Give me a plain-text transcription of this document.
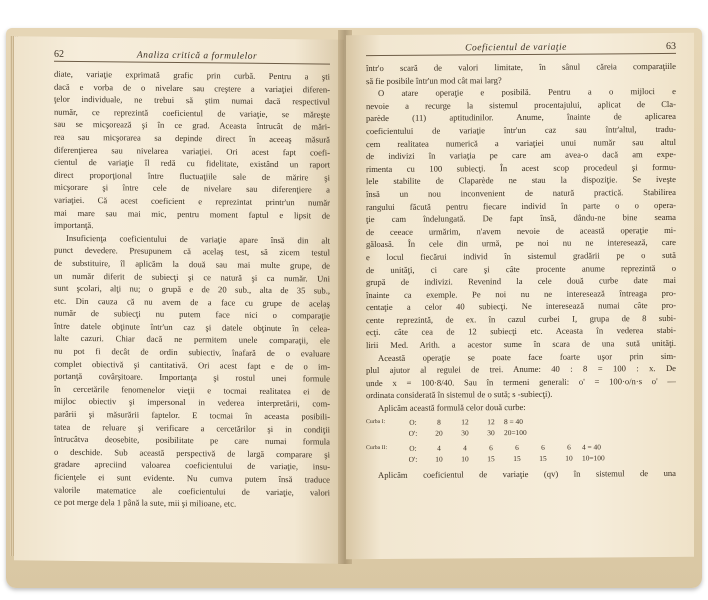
62	Analiza critică a formulelor
diate, variaţie exprimată grafic prin curbă. Pentru a şti
dacă e vorba de o nivelare sau creştere a variaţiei diferen-
ţelor individuale, ne trebui să ştim numai dacă respectivul
număr, ce reprezintă coeficientul de variaţie, se măreşte
sau se micşorează şi în ce grad. Aceasta întrucât de mări-
rea sau micşorarea sa depinde direct în aceeaş măsură
diferenţierea sau nivelarea variaţiei. Ori acest fapt coefi-
cientul de variaţie îl redă cu fidelitate, existând un raport
direct proporţional între fluctuaţiile sale de mărire şi
micşorare şi între cele de nivelare sau diferenţiere a
variaţiei. Că acest coeficient e reprezintat printr'un număr
mai mare sau mai mic, pentru moment faptul e lipsit de
importanţă.
Insuficienţa coeficientului de variaţie apare însă din alt
punct devedere. Presupunem că acelaş test, să zicem testul
de substituire, îl aplicăm la două sau mai multe grupe, de
un număr diferit de subiecţi şi ce natură şi ca număr. Uni
sunt şcolari, alţi nu; o grupă e de 20 sub., alta de 35 sub.,
etc. Din cauza că nu avem de a face cu grupe de acelaş
număr de subiecţi nu putem face nici o comparaţie
între datele obţinute într'un caz şi datele obţinute în celea-
lalte cazuri. Chiar dacă ne permitem unele comparaţii, ele
nu pot fi decât de ordin subiectiv, înafară de o evaluare
complet obiectivă şi cantitativă. Ori acest fapt e de o im-
portanţă covârşitoare. Importanţa şi rostul unei formule
în cercetările fenomenelor vieţii e tocmai realitatea ei de
mijloc obiectiv şi impersonal in vederea interpretării, com-
parării şi măsurării faptelor. E tocmai în aceasta posibili-
tatea de reluare şi verificare a cercetărilor şi in condiţii
întrucâtva deosebite, posibilitate pe care numai formula
o deschide. Sub această perspectivă de largă comparare şi
gradare apreciind valoarea coeficientului de variaţie, insu-
ficienţele ei sunt evidente. Nu cumva putem însă traduce
valorile matematice ale coeficientului de variaţie, valori
ce pot merge dela 1 până la sute, mii şi milioane, etc.
Coeficientul de variaţie	63
într'o scară de valori limitate, în sânul căreia comparaţiile
să fie posibile într'un mod cât mai larg?
O atare operaţie e posibilă. Pentru a o mijloci e
nevoie a recurge la sistemul procentajului, aplicat de Cla-
parède (11) aptitudinilor. Anume, înainte de aplicarea
coeficientului de variaţie într'un caz sau într'altul, tradu-
cem realitatea numerică a variaţiei unui număr sau altul
de indivizi în variaţia pe care am avea-o dacă am expe-
rimenta cu 100 subiecţi. În acest scop procedeul şi formu-
lele stabilite de Claparède ne stau la dispoziţie. Se iveşte
însă un nou inconvenient de natură practică. Stabilirea
rangului făcută pentru fiecare individ în parte o o opera-
ţie cam îndelungată. De fapt însă, dându-ne bine seama
de ceeace urmărim, n'avem nevoie de această operaţie mi-
găloasă. În cele din urmă, pe noi nu ne interesează, care
e locul fiecărui individ în sistemul gradării pe o sută
de unităţi, ci care şi câte procente anume reprezintă o
grupă de indivizi. Revenind la cele două curbe date mai
înainte ca exemple. Pe noi nu ne interesează întreaga pro-
centaţie a celor 40 subiecţi. Ne interesează numai câte pro-
cente reprezintă, de ex. în cazul curbei I, grupa de 8 subi-
ecţi. câte cea de 12 subiecţi etc. Aceasta în vederea stabi-
lirii Med. Arith. a acestor sume în scara de una sută unităţi.
Această operaţie se poate face foarte uşor prin sim-
plul ajutor al regulei de trei. Anume: 40 : 8 = 100 : x. De
unde x = 100·8/40. Sau în termeni generali: o' = 100·o/n·s o' —
ordinata considerată în sistemul de o sută; s -subiecţi).
Aplicăm această formulă celor două curbe:
Curba I:	O:	8	12	12	8 = 40
O':	20	30	30	20=100
Curba II:	O:	4	4	6	6	6	6	4 = 40
O':	10	10	15	15	15	10	10=100
Aplicăm coeficientul de variaţie (qv) în sistemul de una
